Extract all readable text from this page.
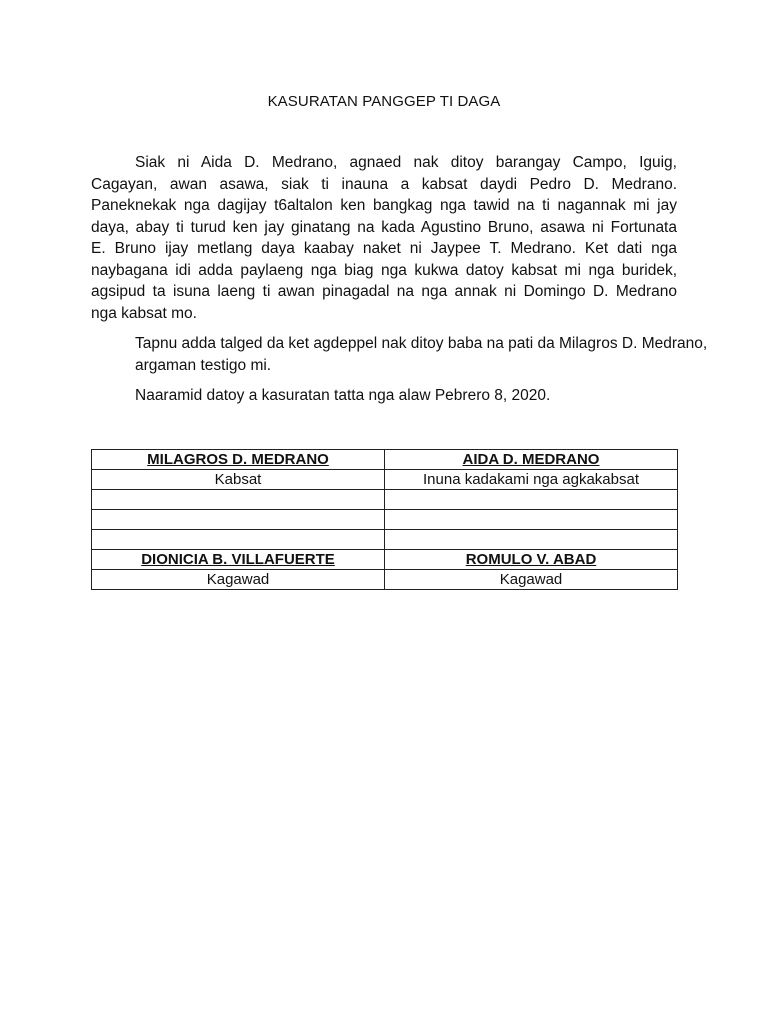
KASURATAN PANGGEP TI DAGA
Siak ni Aida D. Medrano, agnaed nak ditoy barangay Campo, Iguig,
Cagayan, awan asawa, siak ti inauna a kabsat daydi Pedro D. Medrano.
Paneknekak nga dagijay t6altalon ken bangkag nga tawid na ti nagannak mi jay
daya, abay ti turud ken jay ginatang na kada Agustino Bruno, asawa ni Fortunata
E. Bruno ijay metlang daya kaabay naket ni Jaypee T. Medrano. Ket dati nga
naybagana idi adda paylaeng nga biag nga kukwa datoy kabsat mi nga buridek,
agsipud ta isuna laeng ti awan pinagadal na nga annak ni Domingo D. Medrano
nga kabsat mo.
Tapnu adda talged da ket agdeppel nak ditoy baba na pati da Milagros D. Medrano, argaman testigo mi.
Naaramid datoy a kasuratan tatta nga alaw Pebrero 8, 2020.
MILAGROS D. MEDRANO	AIDA D. MEDRANO
Kabsat	Inuna kadakami nga agkakabsat

DIONICIA B. VILLAFUERTE	ROMULO V. ABAD
Kagawad	Kagawad
